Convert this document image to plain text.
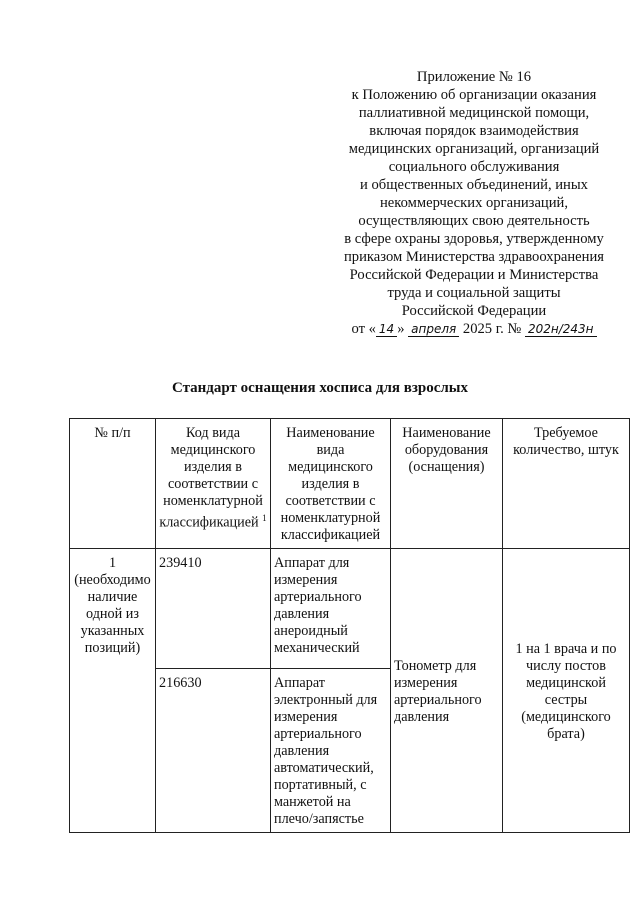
Приложение № 16
к Положению об организации оказания
паллиативной медицинской помощи,
включая порядок взаимодействия
медицинских организаций, организаций
социального обслуживания
и общественных объединений, иных
некоммерческих организаций,
осуществляющих свою деятельность
в сфере охраны здоровья, утвержденному
приказом Министерства здравоохранения
Российской Федерации и Министерства
труда и социальной защиты
Российской Федерации
от « 14 » апреля 2025 г. № 202н/243н
Стандарт оснащения хосписа для взрослых
№ п/п	Код вида медицинского изделия в соответствии с номенклатурной классификацией $^1$	Наименование вида медицинского изделия в соответствии с номенклатурной классификацией	Наименование оборудования (оснащения)	Требуемое количество, штук
1 (необходимо наличие одной из указанных позиций)	239410	Аппарат для измерения артериального давления анероидный механический	Тонометр для измерения артериального давления	1 на 1 врача и по числу постов медицинской сестры (медицинского брата)
	216630	Аппарат электронный для измерения артериального давления автоматический, портативный, с манжетой на плечо/запястье		
